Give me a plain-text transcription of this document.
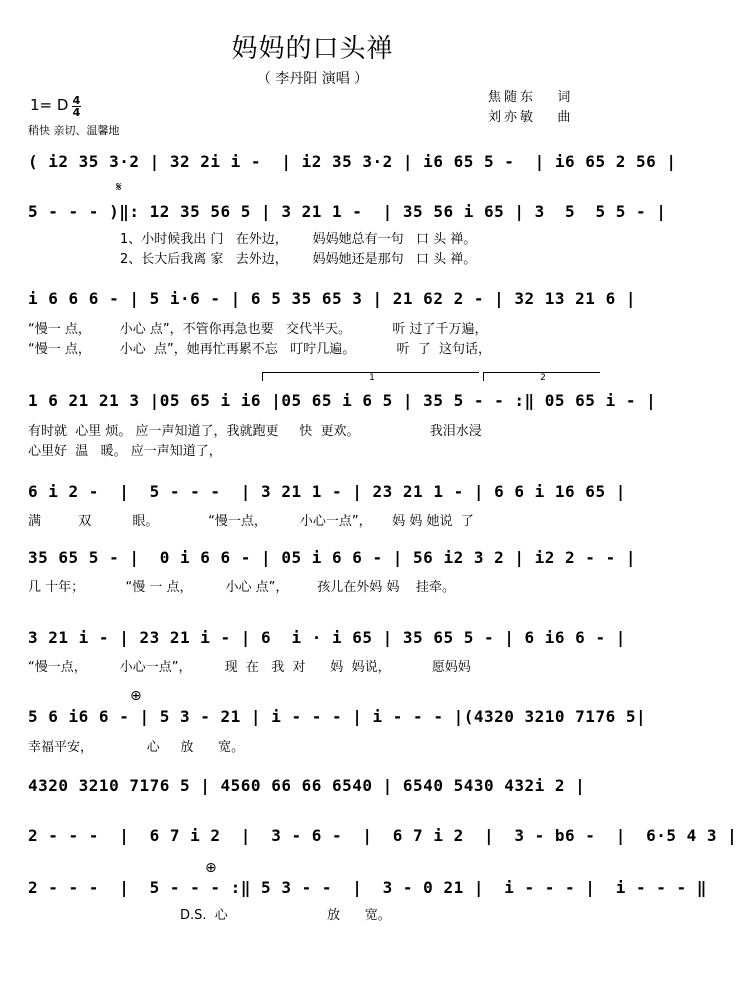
妈妈的口头禅
（ 李丹阳 演唱 ）
焦随东   词
刘亦敏   曲
1= D 4
4
稍快 亲切、温馨地
𝄋
( i2 35 3·2 | 32 2i i -  | i2 35 3·2 | i6 65 5 -  | i6 65 2 56 |
5 - - - )‖: 12 35 56 5 | 3 21 1 -  | 35 56 i 65 | 3  5  5 5 - |
1、小时候我出 门   在外边，      妈妈她总有一句   口 头 禅。
2、长大后我离 家   去外边，      妈妈她还是那句   口 头 禅。
i 6 6 6 - | 5 i·6 - | 6 5 35 65 3 | 21 62 2 - | 32 13 21 6 |
“慢一 点，       小心 点”，不管你再急也要   交代半天。          听 过了千万遍，
“慢一 点，       小心  点”，她再忙再累不忘   叮咛几遍。          听  了  这句话，
1	2
1 6 21 21 3 |05 65 i i6 |05 65 i 6 5 | 35 5 - - :‖ 05 65 i - |
有时就  心里 烦。 应一声知道了，我就跑更     快  更欢。                 我泪水浸
心里好  温   暖。 应一声知道了，
6 i 2 -  |  5 - - -  | 3 21 1 - | 23 21 1 - | 6 6 i 16 65 |
满         双          眼。            “慢一点，        小心一点”，     妈 妈 她说  了
35 65 5 - |  0 i 6 6 - | 05 i 6 6 - | 56 i2 3 2 | i2 2 - - |
几 十年；          “慢 一 点，        小心 点”，       孩儿在外妈 妈    挂牵。
3 21 i - | 23 21 i - | 6  i · i 65 | 35 65 5 - | 6 i6 6 - |
“慢一点，        小心一点”，        现  在   我  对      妈  妈说，          愿妈妈
⊕
5 6 i6 6 - | 5 3 - 21 | i - - - | i - - - |(4320 3210 7176 5|
幸福平安，             心     放      宽。
4320 3210 7176 5 | 4560 66 66 6540 | 6540 5430 432i 2 |
2 - - -  |  6 7 i 2  |  3 - 6 -  |  6 7 i 2  |  3 - b6 -  |  6·5 4 3 |
⊕
2 - - -  |  5 - - - :‖ 5 3 - -  |  3 - 0 21 |  i - - - |  i - - - ‖
D.S.  心                        放      宽。
